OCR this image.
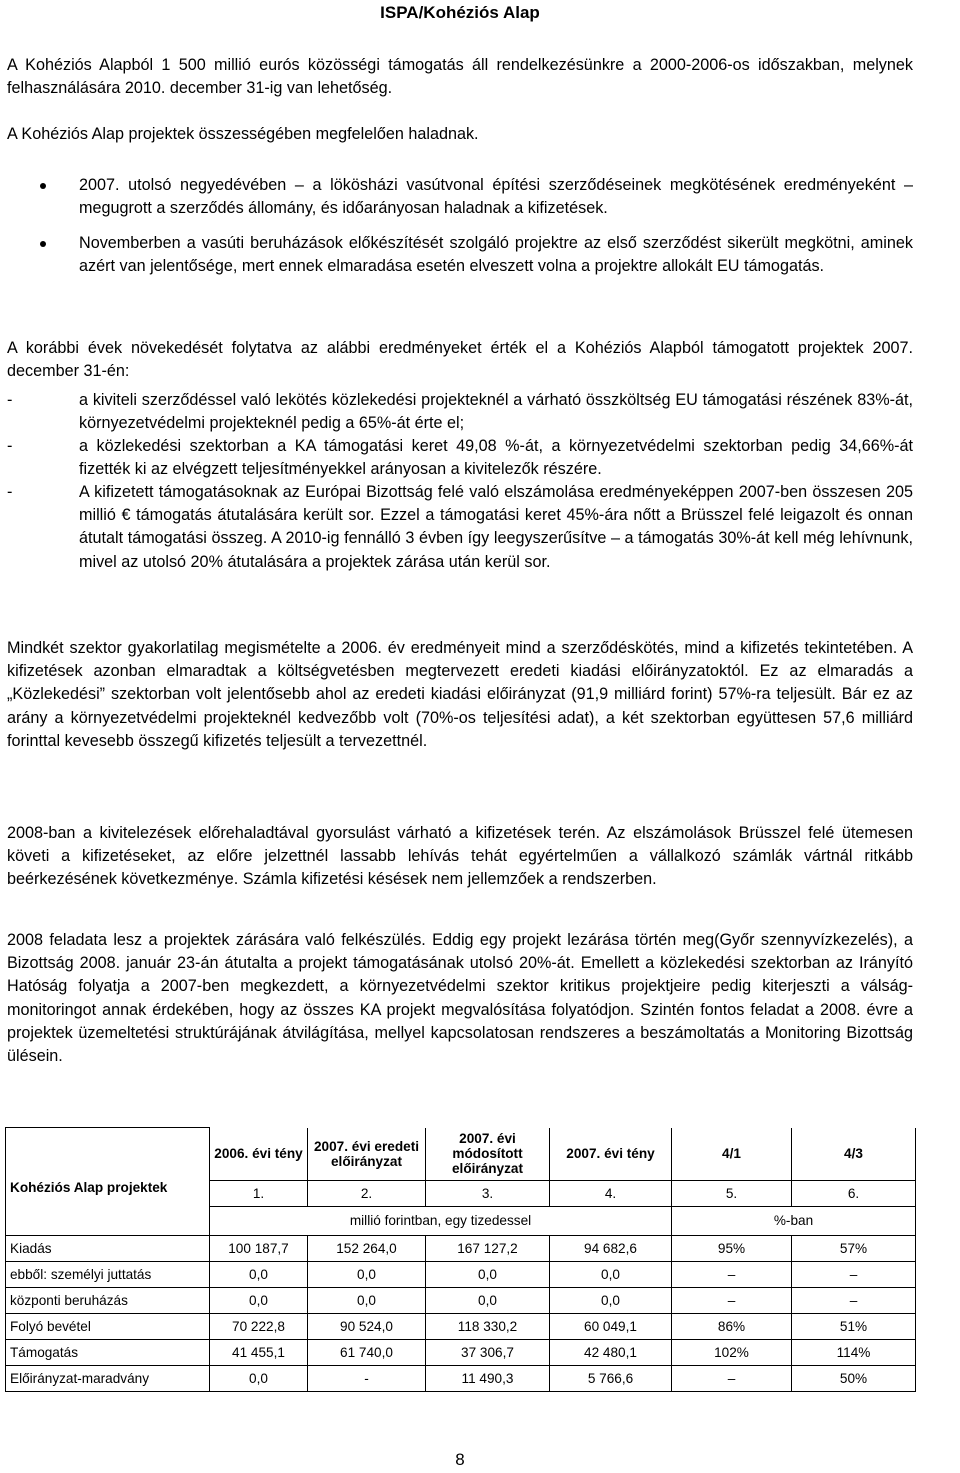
ISPA/Kohéziós Alap

A Kohéziós Alapból 1 500 millió eurós közösségi támogatás áll rendelkezésünkre a 2000-2006-os időszakban, melynek felhasználására 2010. december 31-ig van lehetőség.

A Kohéziós Alap projektek összességében megfelelően haladnak.

2007. utolsó negyedévében – a lökösházi vasútvonal építési szerződéseinek megkötésének eredményeként – megugrott a szerződés állomány, és időarányosan haladnak a kifizetések.

Novemberben a vasúti beruházások előkészítését szolgáló projektre az első szerződést sikerült megkötni, aminek azért van jelentősége, mert ennek elmaradása esetén elveszett volna a projektre allokált EU támogatás.

A korábbi évek növekedését folytatva az alábbi eredményeket érték el a Kohéziós Alapból támogatott projektek 2007. december 31-én:

-	a kiviteli szerződéssel való lekötés közlekedési projekteknél a várható összköltség EU támogatási részének 83%-át, környezetvédelmi projekteknél pedig a 65%-át érte el;

-	a közlekedési szektorban a KA támogatási keret 49,08 %-át, a környezetvédelmi szektorban pedig 34,66%-át fizették ki az elvégzett teljesítményekkel arányosan a kivitelezők részére.

-	A kifizetett támogatásoknak az Európai Bizottság felé való elszámolása eredményeképpen 2007-ben összesen 205 millió € támogatás átutalására került sor. Ezzel a támogatási keret 45%-ára nőtt a Brüsszel felé leigazolt és onnan átutalt támogatási összeg. A 2010-ig fennálló 3 évben így leegyszerűsítve – a támogatás 30%-át kell még lehívnunk, mivel az utolsó 20% átutalására a projektek zárása után kerül sor.

Mindkét szektor gyakorlatilag megismételte a 2006. év eredményeit mind a szerződéskötés, mind a kifizetés tekintetében. A kifizetések azonban elmaradtak a költségvetésben megtervezett eredeti kiadási előirányzatoktól. Ez az elmaradás a „Közlekedési” szektorban volt jelentősebb ahol az eredeti kiadási előirányzat (91,9 milliárd forint) 57%-ra teljesült. Bár ez az arány a környezetvédelmi projekteknél kedvezőbb volt (70%-os teljesítési adat), a két szektorban együttesen 57,6 milliárd forinttal kevesebb összegű kifizetés teljesült a tervezettnél.

2008-ban a kivitelezések előrehaladtával gyorsulást várható a kifizetések terén. Az elszámolások Brüsszel felé ütemesen követi a kifizetéseket, az előre jelzettnél lassabb lehívás tehát egyértelműen a vállalkozó számlák vártnál ritkább beérkezésének következménye. Számla kifizetési késések nem jellemzőek a rendszerben.

2008 feladata lesz a projektek zárására való felkészülés. Eddig egy projekt lezárása történ meg(Győr szennyvízkezelés), a Bizottság 2008. január 23-án átutalta a projekt támogatásának utolsó 20%-át. Emellett a közlekedési szektorban az Irányító Hatóság folyatja a 2007-ben megkezdett, a környezetvédelmi szektor kritikus projektjeire pedig kiterjeszti a válság-monitoringot annak érdekében, hogy az összes KA projekt megvalósítása folyatódjon. Szintén fontos feladat a 2008. évre a projektek üzemeltetési struktúrájának átvilágítása, mellyel kapcsolatosan rendszeres a beszámoltatás a Monitoring Bizottság ülésein.

Kohéziós Alap projektek	2006. évi tény	2007. évi eredeti előirányzat	2007. évi módosított előirányzat	2007. évi tény	4/1	4/3
	1.	2.	3.	4.	5.	6.
	millió forintban, egy tizedessel				%-ban	
Kiadás	100 187,7	152 264,0	167 127,2	94 682,6	95%	57%
ebből: személyi juttatás	0,0	0,0	0,0	0,0	–	–
központi beruházás	0,0	0,0	0,0	0,0	–	–
Folyó bevétel	70 222,8	90 524,0	118 330,2	60 049,1	86%	51%
Támogatás	41 455,1	61 740,0	37 306,7	42 480,1	102%	114%
Előirányzat-maradvány	0,0	-	11 490,3	5 766,6	–	50%
8
